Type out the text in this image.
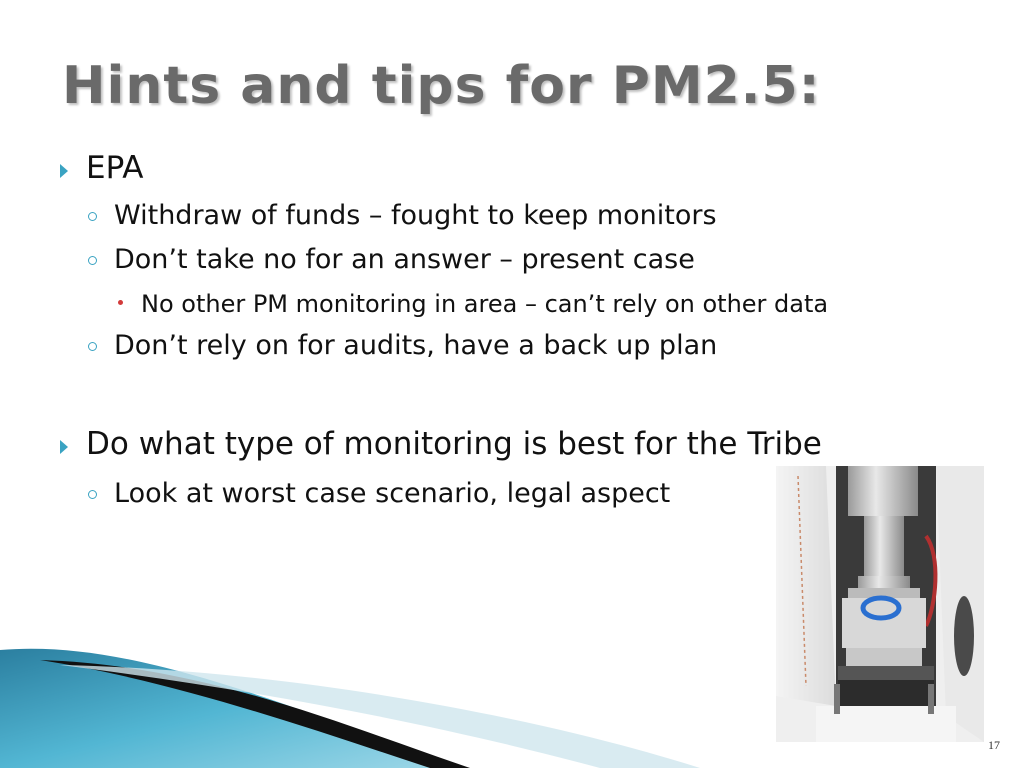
Hints and tips for PM2.5:
EPA
Withdraw of funds – fought to keep monitors
Don’t take no for an answer – present case
No other PM monitoring in area – can’t rely on other data
Don’t rely on for audits, have a back up plan
Do what type of monitoring is best for the Tribe
Look at worst case scenario, legal aspect
17
